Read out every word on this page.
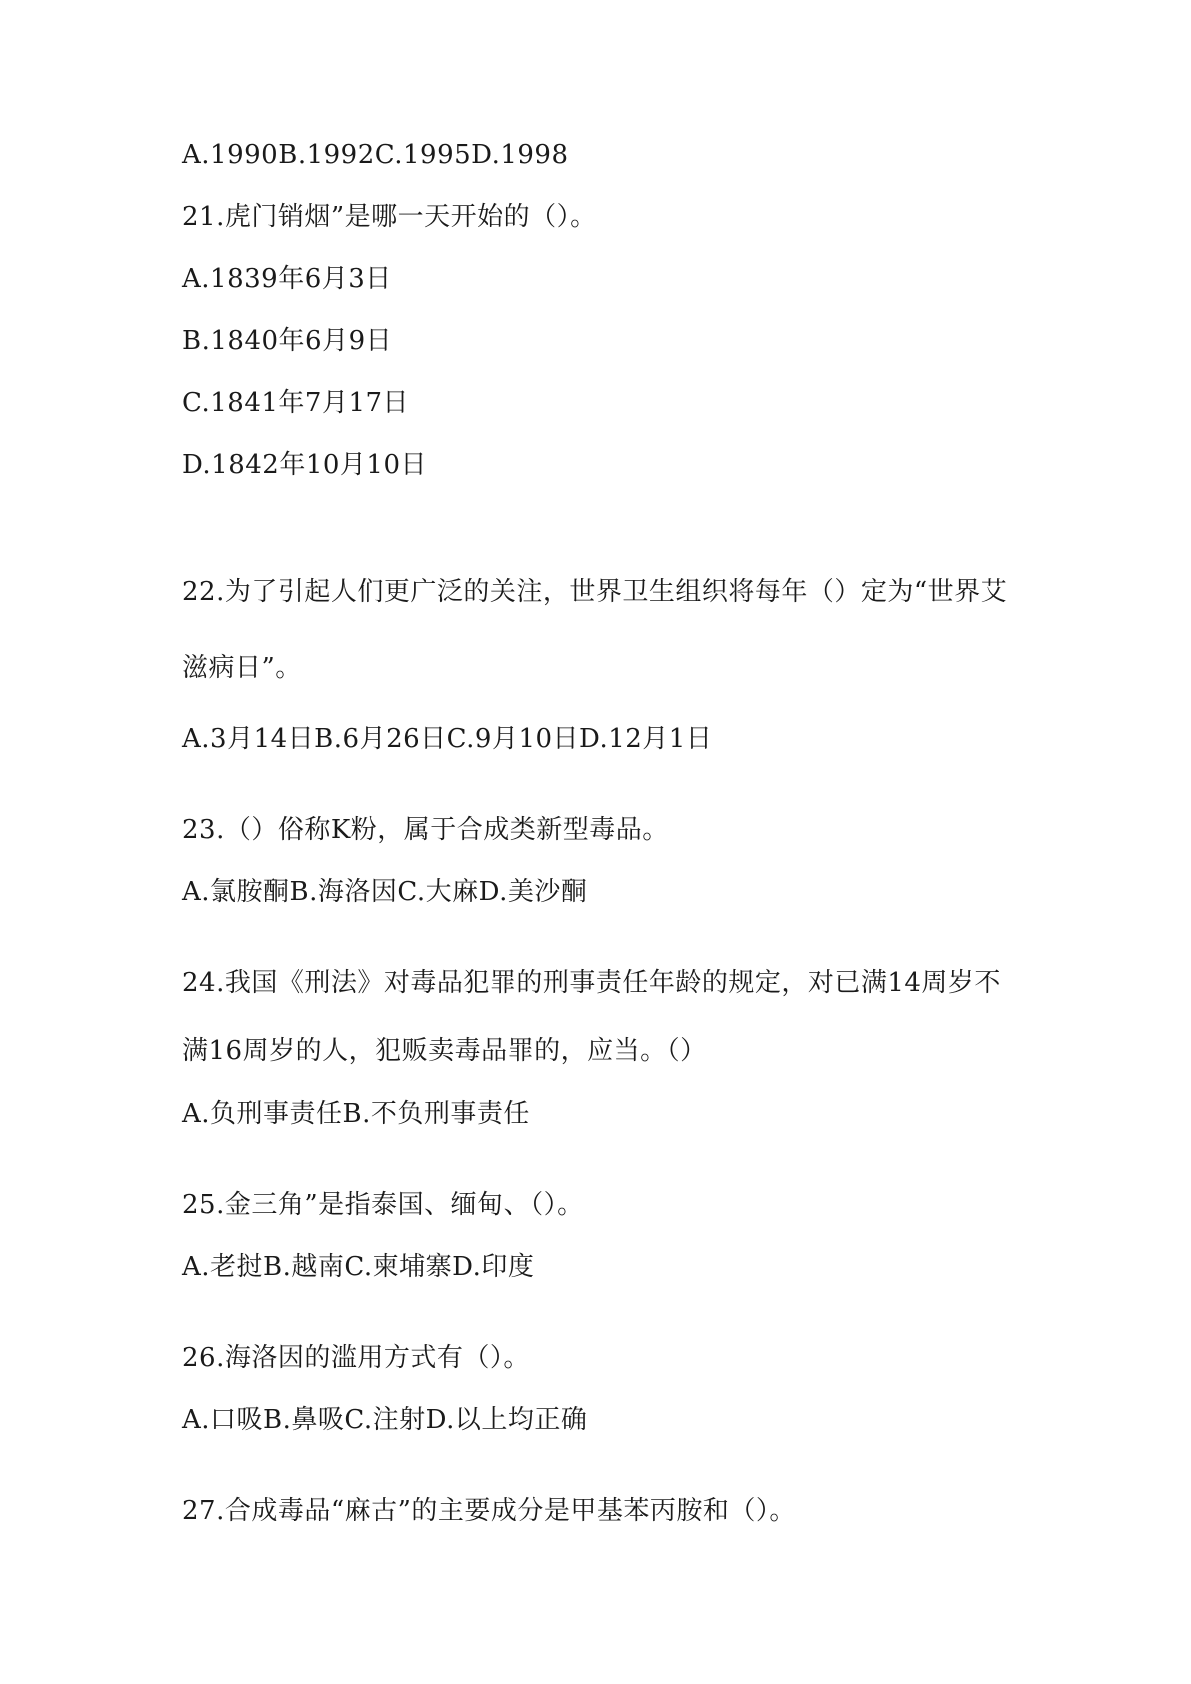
A.1990B.1992C.1995D.1998
21.虎门销烟”是哪一天开始的（）。
A.1839年6月3日
B.1840年6月9日
C.1841年7月17日
D.1842年10月10日
22.为了引起人们更广泛的关注，世界卫生组织将每年（）定为“世界艾
滋病日”。
A.3月14日B.6月26日C.9月10日D.12月1日
23.（）俗称K粉，属于合成类新型毒品。
A.氯胺酮B.海洛因C.大麻D.美沙酮
24.我国《刑法》对毒品犯罪的刑事责任年龄的规定，对已满14周岁不
满16周岁的人，犯贩卖毒品罪的，应当。（）
A.负刑事责任B.不负刑事责任
25.金三角”是指泰国、缅甸、（）。
A.老挝B.越南C.柬埔寨D.印度
26.海洛因的滥用方式有（）。
A.口吸B.鼻吸C.注射D.以上均正确
27.合成毒品“麻古”的主要成分是甲基苯丙胺和（）。
